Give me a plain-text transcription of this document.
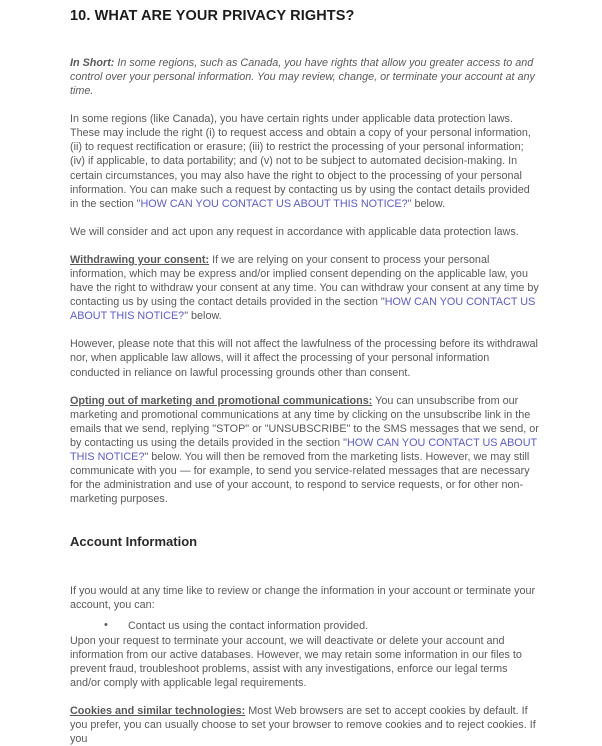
10. WHAT ARE YOUR PRIVACY RIGHTS?

In Short: In some regions, such as Canada, you have rights that allow you greater access to and control over your personal information. You may review, change, or terminate your account at any time.

In some regions (like Canada), you have certain rights under applicable data protection laws. These may include the right (i) to request access and obtain a copy of your personal information, (ii) to request rectification or erasure; (iii) to restrict the processing of your personal information; (iv) if applicable, to data portability; and (v) not to be subject to automated decision-making. In certain circumstances, you may also have the right to object to the processing of your personal information. You can make such a request by contacting us by using the contact details provided in the section "HOW CAN YOU CONTACT US ABOUT THIS NOTICE?" below.

We will consider and act upon any request in accordance with applicable data protection laws.

Withdrawing your consent: If we are relying on your consent to process your personal information, which may be express and/or implied consent depending on the applicable law, you have the right to withdraw your consent at any time. You can withdraw your consent at any time by contacting us by using the contact details provided in the section "HOW CAN YOU CONTACT US ABOUT THIS NOTICE?" below.

However, please note that this will not affect the lawfulness of the processing before its withdrawal nor, when applicable law allows, will it affect the processing of your personal information conducted in reliance on lawful processing grounds other than consent.

Opting out of marketing and promotional communications: You can unsubscribe from our marketing and promotional communications at any time by clicking on the unsubscribe link in the emails that we send, replying "STOP" or "UNSUBSCRIBE" to the SMS messages that we send, or by contacting us using the details provided in the section "HOW CAN YOU CONTACT US ABOUT THIS NOTICE?" below. You will then be removed from the marketing lists. However, we may still communicate with you — for example, to send you service-related messages that are necessary for the administration and use of your account, to respond to service requests, or for other non-marketing purposes.

Account Information

If you would at any time like to review or change the information in your account or terminate your account, you can:

• Contact us using the contact information provided.

Upon your request to terminate your account, we will deactivate or delete your account and information from our active databases. However, we may retain some information in our files to prevent fraud, troubleshoot problems, assist with any investigations, enforce our legal terms and/or comply with applicable legal requirements.

Cookies and similar technologies: Most Web browsers are set to accept cookies by default. If you prefer, you can usually choose to set your browser to remove cookies and to reject cookies. If you
